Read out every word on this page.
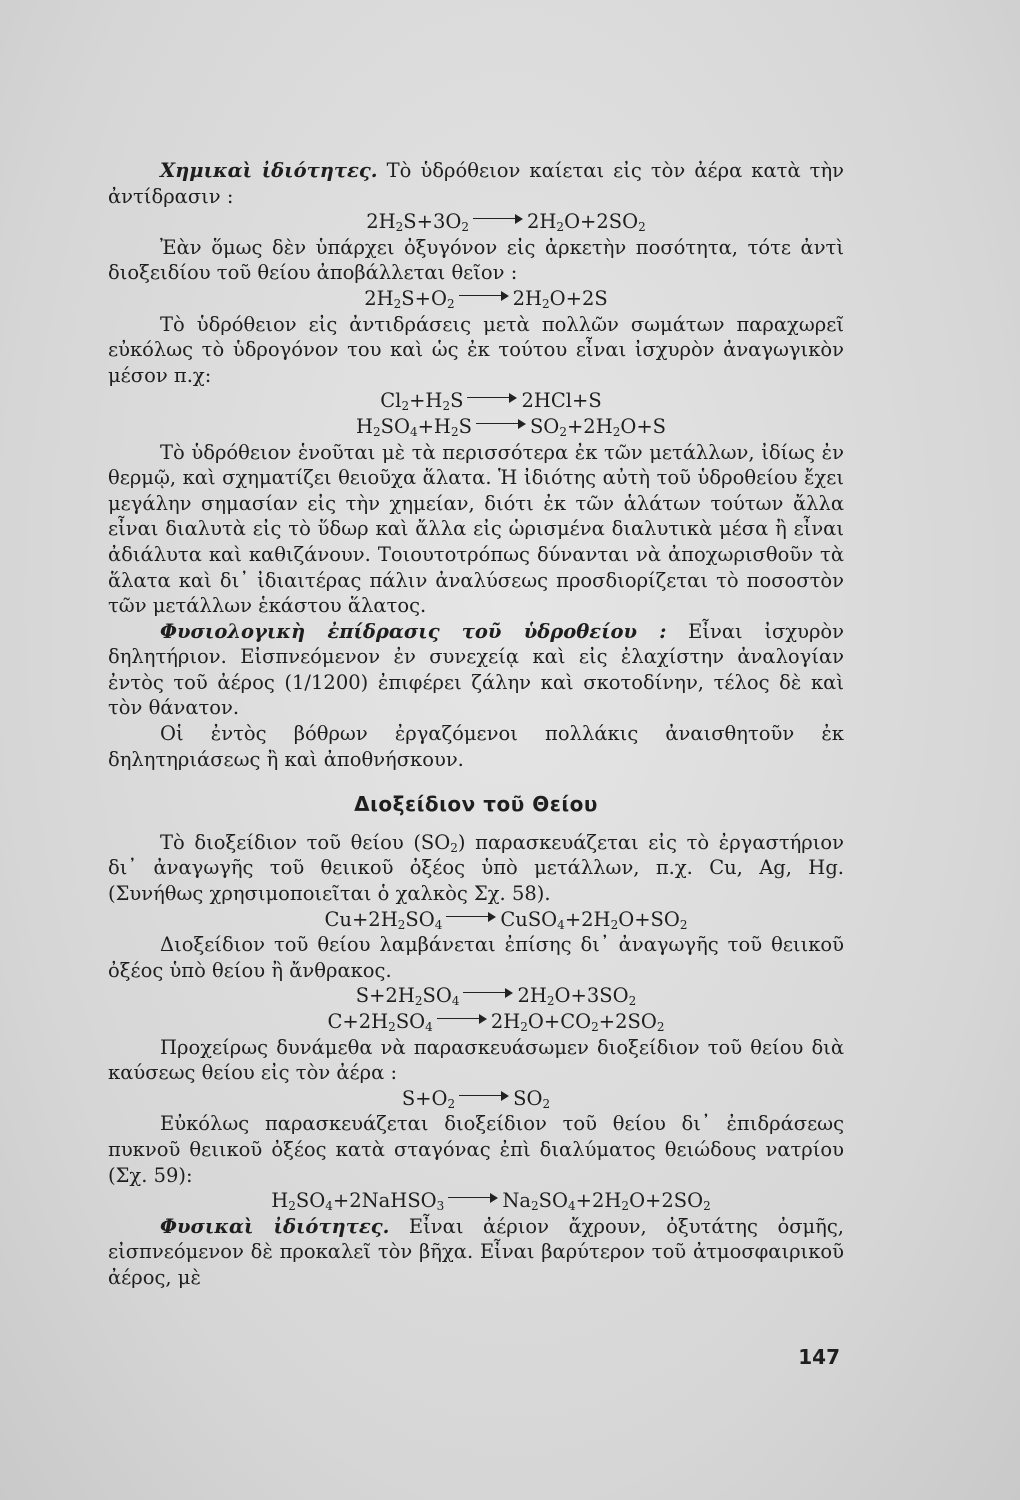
Χημικαὶ ἰδιότητες. Τὸ ὑδρόθειον καίεται εἰς τὸν ἀέρα κατὰ τὴν ἀντίδρασιν :

$2H_2S+3O_2$	$2H_2O+2SO_2$

Ἐὰν ὅμως δὲν ὑπάρχει ὀξυγόνον εἰς ἀρκετὴν ποσότητα, τότε ἀντὶ διοξειδίου τοῦ θείου ἀποβάλλεται θεῖον :

$2H_2S+O_2$	$2H_2O+2S$

Τὸ ὑδρόθειον εἰς ἀντιδράσεις μετὰ πολλῶν σωμάτων παραχωρεῖ εὐκόλως τὸ ὑδρογόνον του καὶ ὡς ἐκ τούτου εἶναι ἰσχυρὸν ἀναγωγικὸν μέσον π.χ:

$Cl_2+H_2S$	2HCl+S
$H_2SO_4+H_2S$	$SO_2+2H_2O+S$

Τὸ ὑδρόθειον ἑνοῦται μὲ τὰ περισσότερα ἐκ τῶν μετάλλων, ἰδίως ἐν θερμῷ, καὶ σχηματίζει θειοῦχα ἅλατα. Ἡ ἰδιότης αὐτὴ τοῦ ὑδροθείου ἔχει μεγάλην σημασίαν εἰς τὴν χημείαν, διότι ἐκ τῶν ἁλάτων τούτων ἄλλα εἶναι διαλυτὰ εἰς τὸ ὕδωρ καὶ ἄλλα εἰς ὡρισμένα διαλυτικὰ μέσα ἢ εἶναι ἀδιάλυτα καὶ καθιζάνουν. Τοιουτοτρόπως δύνανται νὰ ἀποχωρισθοῦν τὰ ἅλατα καὶ δι᾿ ἰδιαιτέρας πάλιν ἀναλύσεως προσδιορίζεται τὸ ποσοστὸν τῶν μετάλλων ἑκάστου ἅλατος.

Φυσιολογικὴ ἐπίδρασις τοῦ ὑδροθείου : Εἶναι ἰσχυρὸν δηλητήριον. Εἰσπνεόμενον ἐν συνεχείᾳ καὶ εἰς ἐλαχίστην ἀναλογίαν ἐντὸς τοῦ ἀέρος (1/1200) ἐπιφέρει ζάλην καὶ σκοτοδίνην, τέλος δὲ καὶ τὸν θάνατον.

Οἱ ἐντὸς βόθρων ἐργαζόμενοι πολλάκις ἀναισθητοῦν ἐκ δηλητηριάσεως ἢ καὶ ἀποθνήσκουν.

Διοξείδιον τοῦ Θείου

Τὸ διοξείδιον τοῦ θείου $(SO_2)$ παρασκευάζεται εἰς τὸ ἐργαστήριον δι᾿ ἀναγωγῆς τοῦ θειικοῦ ὀξέος ὑπὸ μετάλλων, π.χ. Cu, Ag, Hg. (Συνήθως χρησιμοποιεῖται ὁ χαλκὸς Σχ. 58).

$Cu+2H_2SO_4$	$CuSO_4+2H_2O+SO_2$

Διοξείδιον τοῦ θείου λαμβάνεται ἐπίσης δι᾿ ἀναγωγῆς τοῦ θειικοῦ ὀξέος ὑπὸ θείου ἢ ἄνθρακος.

$S+2H_2SO_4$	$2H_2O+3SO_2$
$C+2H_2SO_4$	$2H_2O+CO_2+2SO_2$

Προχείρως δυνάμεθα νὰ παρασκευάσωμεν διοξείδιον τοῦ θείου διὰ καύσεως θείου εἰς τὸν ἀέρα :

$S+O_2$	$SO_2$

Εὐκόλως παρασκευάζεται διοξείδιον τοῦ θείου δι᾿ ἐπιδράσεως πυκνοῦ θειικοῦ ὀξέος κατὰ σταγόνας ἐπὶ διαλύματος θειώδους νατρίου (Σχ. 59):

$H_2SO_4+2NaHSO_3$	$Na_2SO_4+2H_2O+2SO_2$

Φυσικαὶ ἰδιότητες. Εἶναι ἀέριον ἄχρουν, ὀξυτάτης ὀσμῆς, εἰσπνεόμενον δὲ προκαλεῖ τὸν βῆχα. Εἶναι βαρύτερον τοῦ ἀτμοσφαιρικοῦ ἀέρος, μὲ

147
